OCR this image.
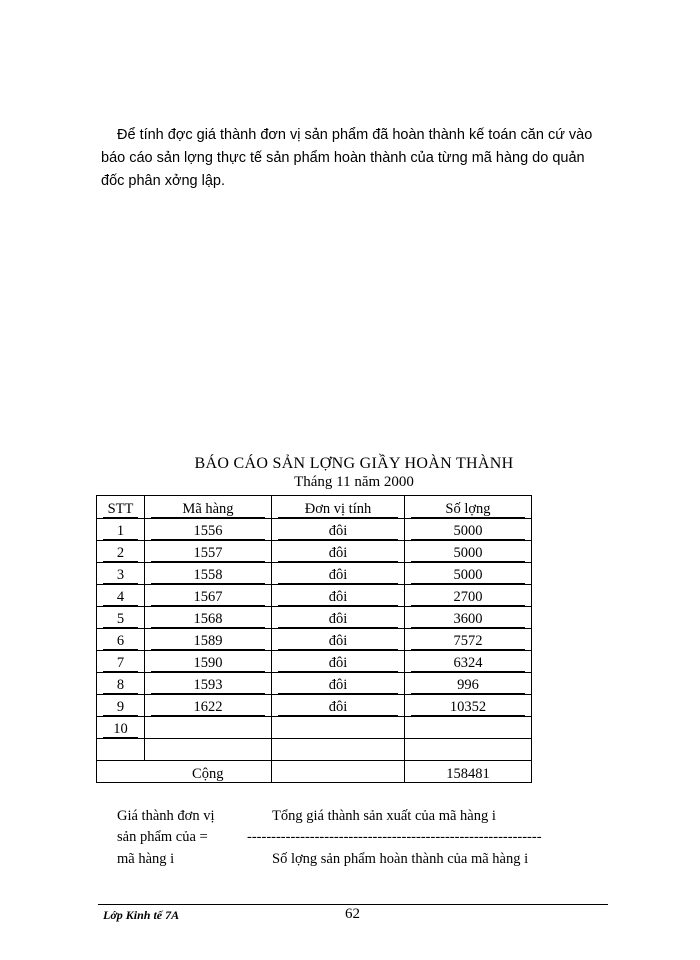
Để tính đợc giá thành đơn vị sản phẩm đã hoàn thành kế toán căn cứ vào
báo cáo sản lợng thực tế sản phẩm hoàn thành của từng mã hàng do quản
đốc phân xởng lập.
BÁO CÁO SẢN LỢNG GIẦY HOÀN THÀNH
Tháng 11 năm 2000
STT	Mã hàng	Đơn vị tính	Số lợng

1	1556	đôi	5000

2	1557	đôi	5000

3	1558	đôi	5000

4	1567	đôi	2700

5	1568	đôi	3600

6	1589	đôi	7572

7	1590	đôi	6324

8	1593	đôi	996

9	1622	đôi	10352

10			

	Cộng		158481
Giá thành đơn vị
sản phẩm của =
mã hàng i
Tổng giá thành sản xuất của mã hàng i
-------------------------------------------------------------
Số lợng sản phẩm hoàn thành của mã hàng i
Lớp Kinh tế 7A	62
